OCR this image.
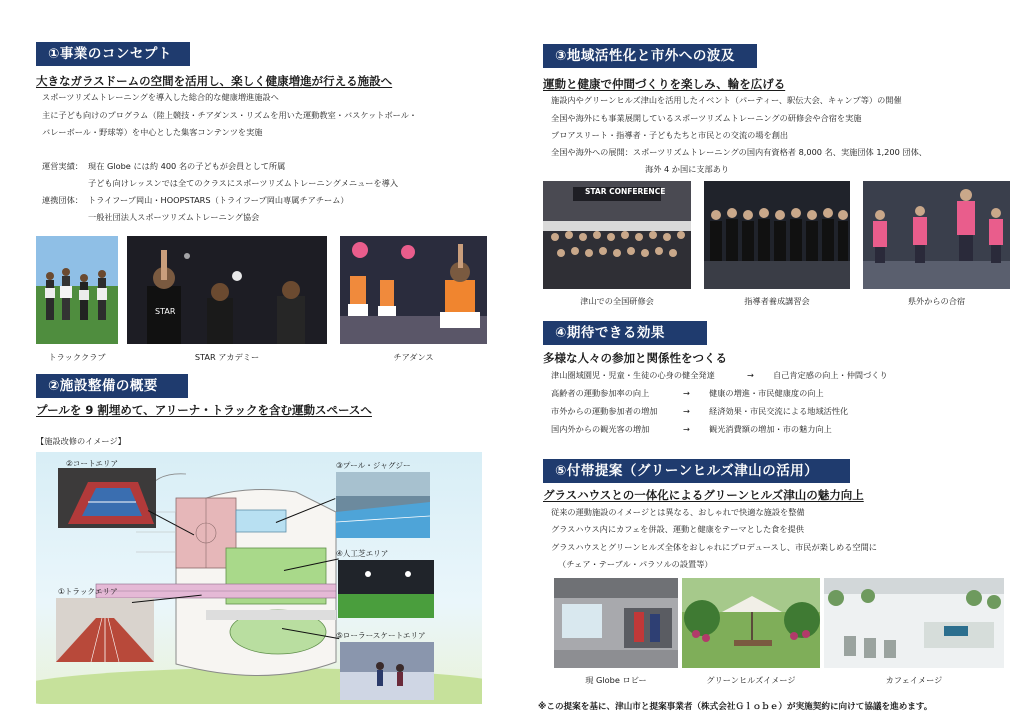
①事業のコンセプト
大きなガラスドームの空間を活用し、楽しく健康増進が行える施設へ
スポーツリズムトレーニングを導入した総合的な健康増進施設へ
主に子ども向けのプログラム（陸上競技・チアダンス・リズムを用いた運動教室・バスケットボール・
バレーボール・野球等）を中心とした集客コンテンツを実施
運営実績： 現在 Globe には約 400 名の子どもが会員として所属
子ども向けレッスンでは全てのクラスにスポーツリズムトレーニングメニューを導入
連携団体： トライフープ岡山・HOOPSTARS（トライフープ岡山専属チアチーム）
一般社団法人スポーツリズムトレーニング協会
STAR
トラッククラブ	STAR アカデミー	チアダンス
②施設整備の概要
プールを 9 割埋めて、アリーナ・トラックを含む運動スペースへ
【施設改修のイメージ】
②コートエリア	③プール・ジャグジー
④人工芝エリア
①トラックエリア
⑤ローラースケートエリア
③地域活性化と市外への波及
運動と健康で仲間づくりを楽しみ、輪を広げる
施設内やグリーンヒルズ津山を活用したイベント（パーティー、駅伝大会、キャンプ等）の開催
全国や海外にも事業展開しているスポーツリズムトレーニングの研修会や合宿を実施
プロアスリート・指導者・子どもたちと市民との交流の場を創出
全国や海外への展開：スポーツリズムトレーニングの国内有資格者 8,000 名、実施団体 1,200 団体、
海外 4 か国に支部あり
STAR CONFERENCE
津山での全国研修会	指導者養成講習会	県外からの合宿
④期待できる効果
多様な人々の参加と関係性をつくる
津山圏域園児・児童・生徒の心身の健全発達	→ 自己肯定感の向上・仲間づくり
高齢者の運動参加率の向上	→ 健康の増進・市民健康度の向上
市外からの運動参加者の増加	→ 経済効果・市民交流による地域活性化
国内外からの観光客の増加	→ 観光消費額の増加・市の魅力向上
⑤付帯提案（グリーンヒルズ津山の活用）
グラスハウスとの一体化によるグリーンヒルズ津山の魅力向上
従来の運動施設のイメージとは異なる、おしゃれで快適な施設を整備
グラスハウス内にカフェを併設、運動と健康をテーマとした食を提供
グラスハウスとグリーンヒルズ全体をおしゃれにプロデュースし、市民が楽しめる空間に
（チェア・テーブル・パラソルの設置等）
現 Globe ロビー	グリーンヒルズイメージ	カフェイメージ
※この提案を基に、津山市と提案事業者（株式会社Ｇｌｏｂｅ）が実施契約に向けて協議を進めます。
